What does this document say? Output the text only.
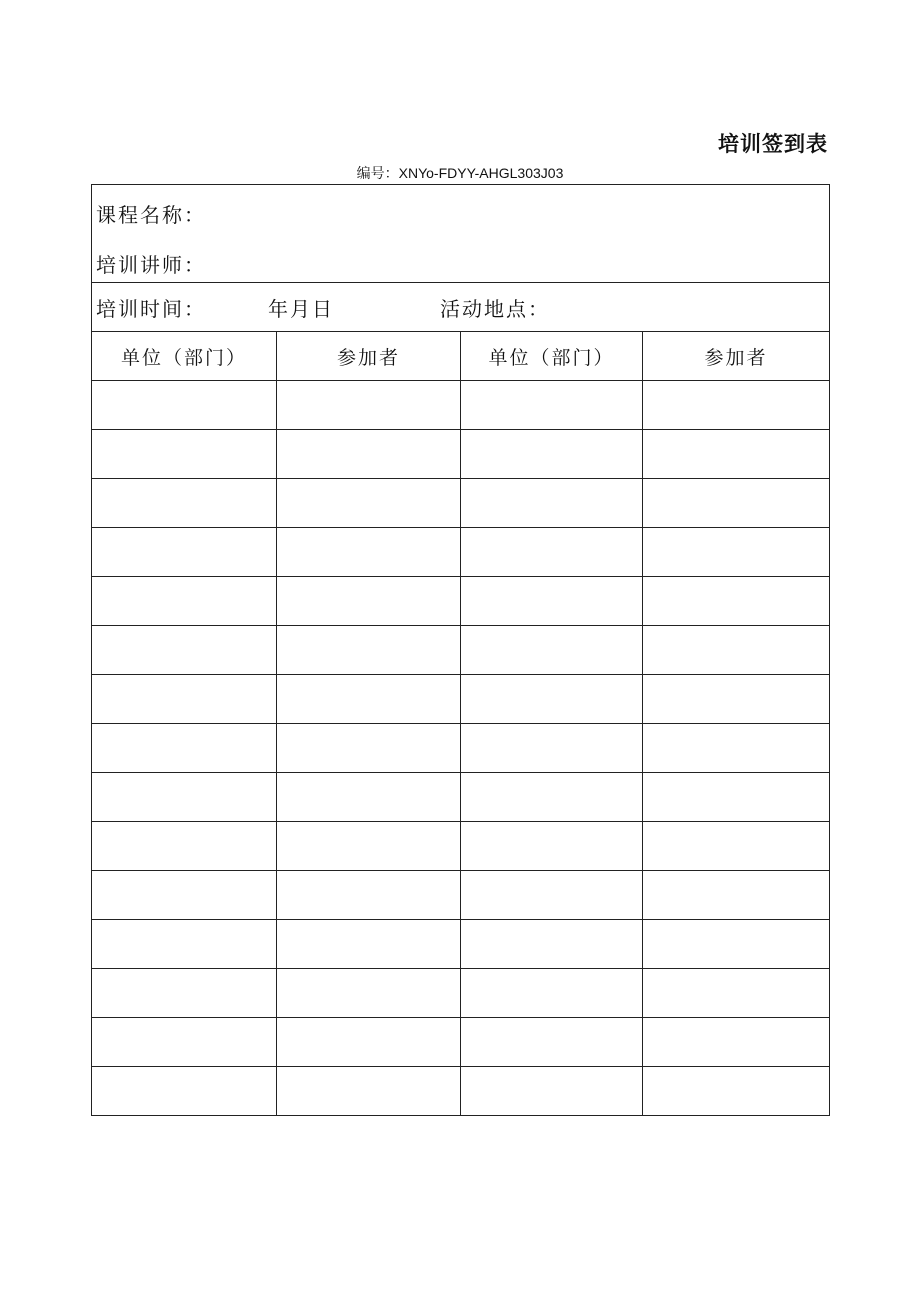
培训签到表
编号：XNYo-FDYY-AHGL303J03
课程名称：
培训讲师：			

培训时间： 年月日 活动地点：			
单位（部门）	参加者	单位（部门）	参加者
